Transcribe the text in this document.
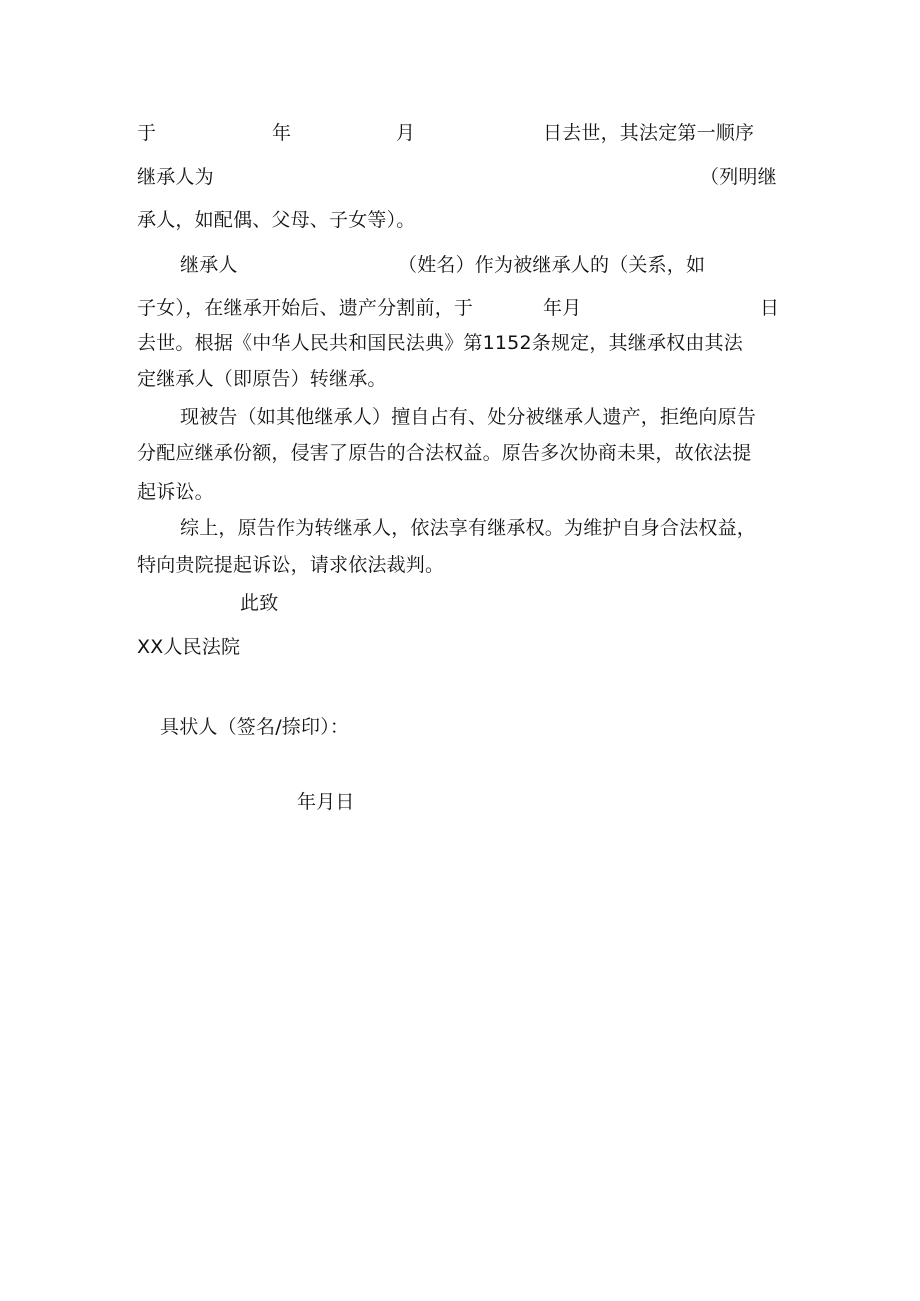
于	年	月	日去世，其法定第一顺序
继承人为	（列明继
承人，如配偶、父母、子女等）。
继承人	（姓名）作为被继承人的（关系，如
子女），在继承开始后、遗产分割前，于	年月	日
去世。根据《中华人民共和国民法典》第1152条规定，其继承权由其法
定继承人（即原告）转继承。
现被告（如其他继承人）擅自占有、处分被继承人遗产，拒绝向原告
分配应继承份额，侵害了原告的合法权益。原告多次协商未果，故依法提
起诉讼。
综上，原告作为转继承人，依法享有继承权。为维护自身合法权益，
特向贵院提起诉讼，请求依法裁判。
此致
XX人民法院
具状人（签名/捺印）：
年月日
